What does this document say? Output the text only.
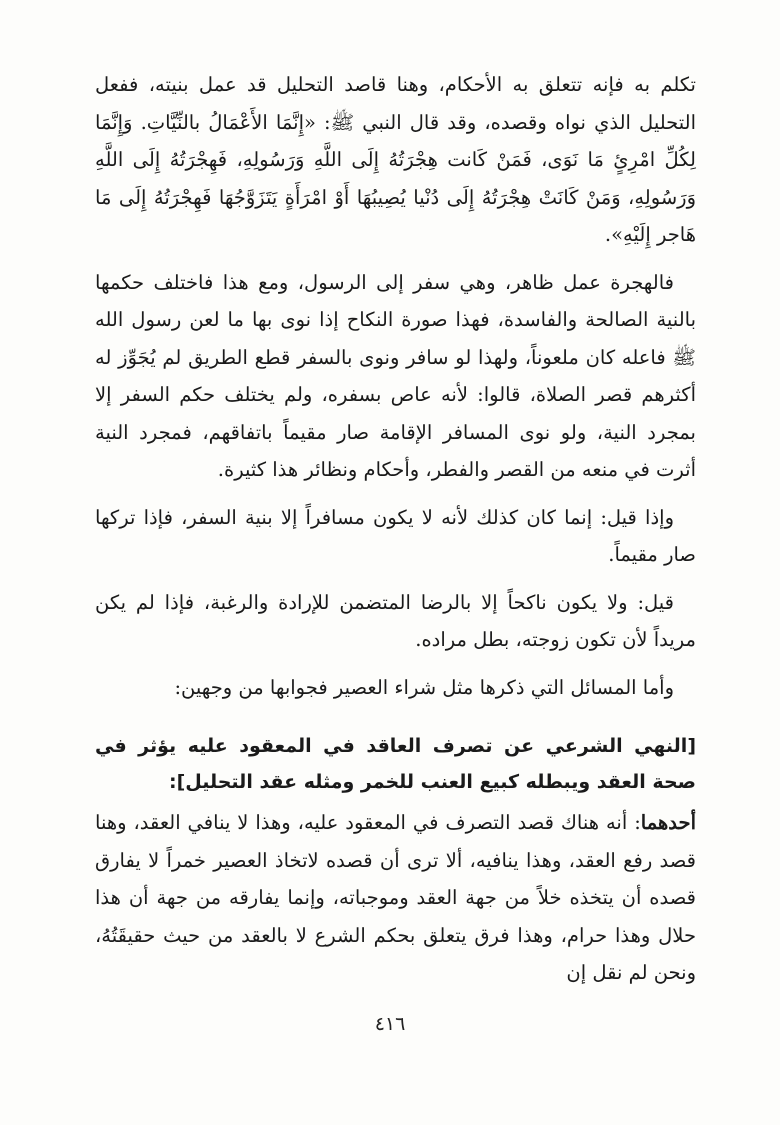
تكلم به فإنه تتعلق به الأحكام، وهنا قاصد التحليل قد عمل بنيته، ففعل التحليل الذي نواه وقصده، وقد قال النبي ﷺ: «إِنَّمَا الأَعْمَالُ بالنِّيَّاتِ. وَإِنَّمَا لِكُلِّ امْرِئٍ مَا نَوَى، فَمَنْ كَانت هِجْرَتُهُ إِلَى اللَّهِ وَرَسُولِهِ، فَهِجْرَتُهُ إِلَى اللَّهِ وَرَسُولِهِ، وَمَنْ كَانَتْ هِجْرَتُهُ إِلَى دُنْيا يُصِيبُهَا أَوْ امْرَأَةٍ يَتَزَوَّجُهَا فَهِجْرَتُهُ إِلَى مَا هَاجر إِلَيْهِ».

فالهجرة عمل ظاهر، وهي سفر إلى الرسول، ومع هذا فاختلف حكمها بالنية الصالحة والفاسدة، فهذا صورة النكاح إذا نوى بها ما لعن رسول الله ﷺ فاعله كان ملعوناً، ولهذا لو سافر ونوى بالسفر قطع الطريق لم يُجَوِّز له أكثرهم قصر الصلاة، قالوا: لأنه عاص بسفره، ولم يختلف حكم السفر إلا بمجرد النية، ولو نوى المسافر الإقامة صار مقيماً باتفاقهم، فمجرد النية أثرت في منعه من القصر والفطر، وأحكام ونظائر هذا كثيرة.

وإذا قيل: إنما كان كذلك لأنه لا يكون مسافراً إلا بنية السفر، فإذا تركها صار مقيماً.

قيل: ولا يكون ناكحاً إلا بالرضا المتضمن للإرادة والرغبة، فإذا لم يكن مريداً لأن تكون زوجته، بطل مراده.

وأما المسائل التي ذكرها مثل شراء العصير فجوابها من وجهين:

[النهي الشرعي عن تصرف العاقد في المعقود عليه يؤثر في صحة العقد ويبطله كبيع العنب للخمر ومثله عقد التحليل]:

أحدهما: أنه هناك قصد التصرف في المعقود عليه، وهذا لا ينافي العقد، وهنا قصد رفع العقد، وهذا ينافيه، ألا ترى أن قصده لاتخاذ العصير خمراً لا يفارق قصده أن يتخذه خلاً من جهة العقد وموجباته، وإنما يفارقه من جهة أن هذا حلال وهذا حرام، وهذا فرق يتعلق بحكم الشرع لا بالعقد من حيث حقيقَتُهُ، ونحن لم نقل إن

٤١٦
